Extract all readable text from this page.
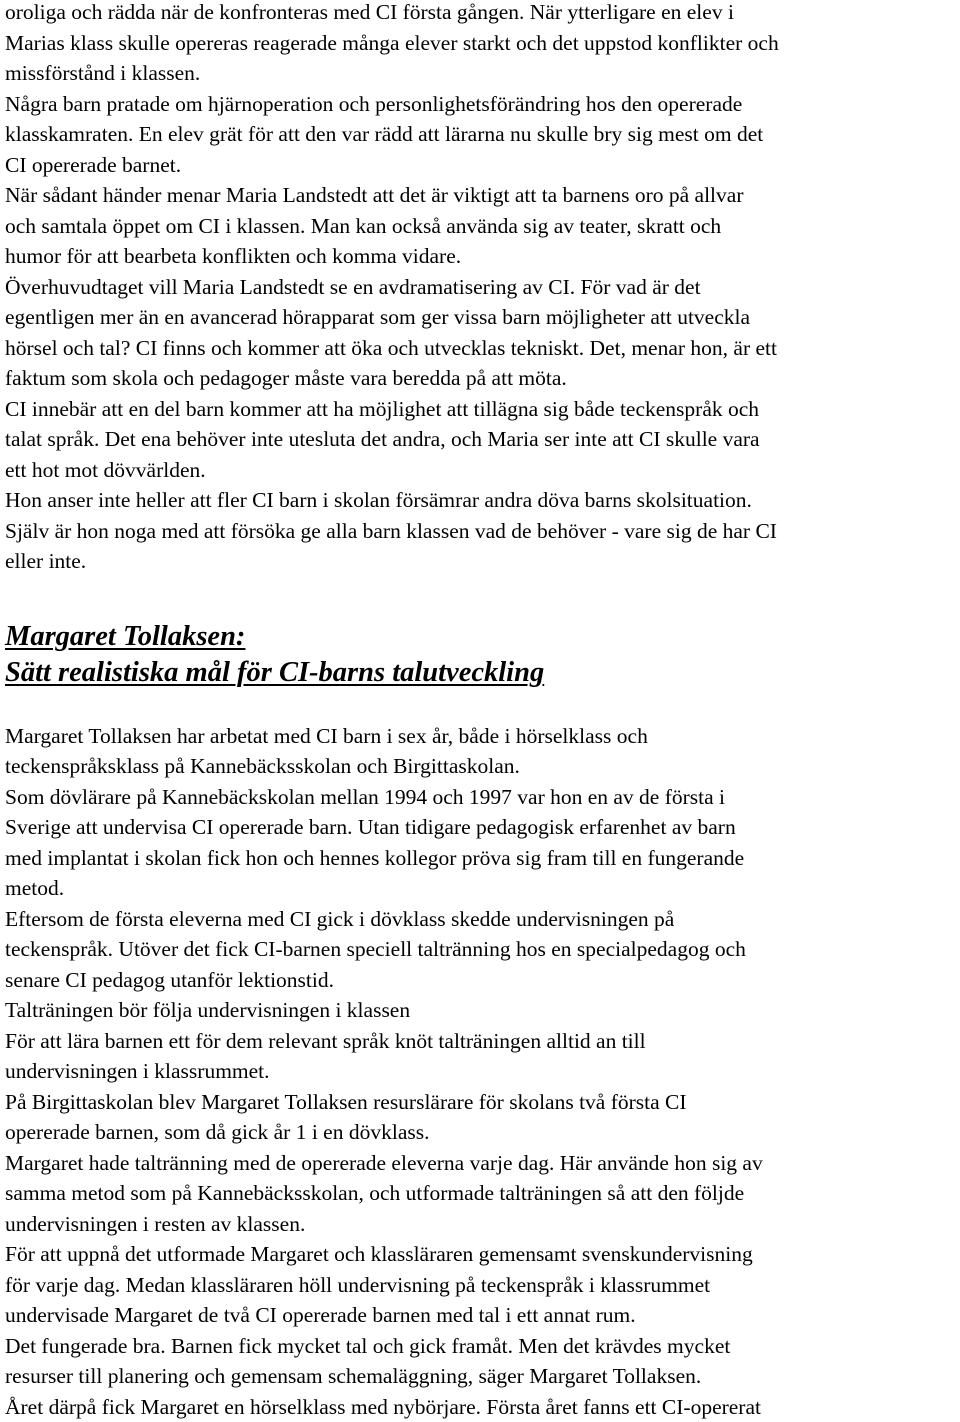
oroliga och räddа när de konfronteras med CI första gången. När ytterligare en elev i
Marias klass skulle opereras reagerade många elever starkt och det uppstod konflikter och
missförstånd i klassen.
Några barn pratade om hjärnoperation och personlighetsförändring hos den opererade
klasskamraten. En elev grät för att den var rädd att lärarna nu skulle bry sig mest om det
CI opererade barnet.
När sådant händer menar Maria Landstedt att det är viktigt att ta barnens oro på allvar
och samtala öppet om CI i klassen. Man kan också använda sig av teater, skratt och
humor för att bearbeta konflikten och komma vidare.
Överhuvudtaget vill Maria Landstedt se en avdramatisering av CI. För vad är det
egentligen mer än en avancerad hörapparat som ger vissa barn möjligheter att utveckla
hörsel och tal? CI finns och kommer att öka och utvecklas tekniskt. Det, menar hon, är ett
faktum som skola och pedagoger måste vara beredda på att möta.
CI innebär att en del barn kommer att ha möjlighet att tillägna sig både teckenspråk och
talat språk. Det ena behöver inte utesluta det andra, och Maria ser inte att CI skulle vara
ett hot mot dövvärlden.
Hon anser inte heller att fler CI barn i skolan försämrar andra döva barns skolsituation.
Själv är hon noga med att försöka ge alla barn klassen vad de behöver - vare sig de har CI
eller inte.
Margaret Tollaksen:
Sätt realistiska mål för CI-barns talutveckling
Margaret Tollaksen har arbetat med CI barn i sex år, både i hörselklass och
teckenspråksklass på Kannebäcksskolan och Birgittaskolan.
Som dövlärare på Kannebäckskolan mellan 1994 och 1997 var hon en av de första i
Sverige att undervisa CI opererade barn. Utan tidigare pedagogisk erfarenhet av barn
med implantat i skolan fick hon och hennes kollegor pröva sig fram till en fungerande
metod.
Eftersom de första eleverna med CI gick i dövklass skedde undervisningen på
teckenspråk. Utöver det fick CI-barnen speciell taltränning hos en specialpedagog och
senare CI pedagog utanför lektionstid.
Talträningen bör följa undervisningen i klassen
För att lära barnen ett för dem relevant språk knöt talträningen alltid an till
undervisningen i klassrummet.
På Birgittaskolan blev Margaret Tollaksen resurslärare för skolans två första CI
opererade barnen, som då gick år 1 i en dövklass.
Margaret hade taltränning med de opererade eleverna varje dag. Här använde hon sig av
samma metod som på Kannebäcksskolan, och utformade talträningen så att den följde
undervisningen i resten av klassen.
För att uppnå det utformade Margaret och klassläraren gemensamt svenskundervisning
för varje dag. Medan klassläraren höll undervisning på teckenspråk i klassrummet
undervisade Margaret de två CI opererade barnen med tal i ett annat rum.
Det fungerade bra. Barnen fick mycket tal och gick framåt. Men det krävdes mycket
resurser till planering och gemensam schemaläggning, säger Margaret Tollaksen.
Året därpå fick Margaret en hörselklass med nybörjare. Första året fanns ett CI-opererat
